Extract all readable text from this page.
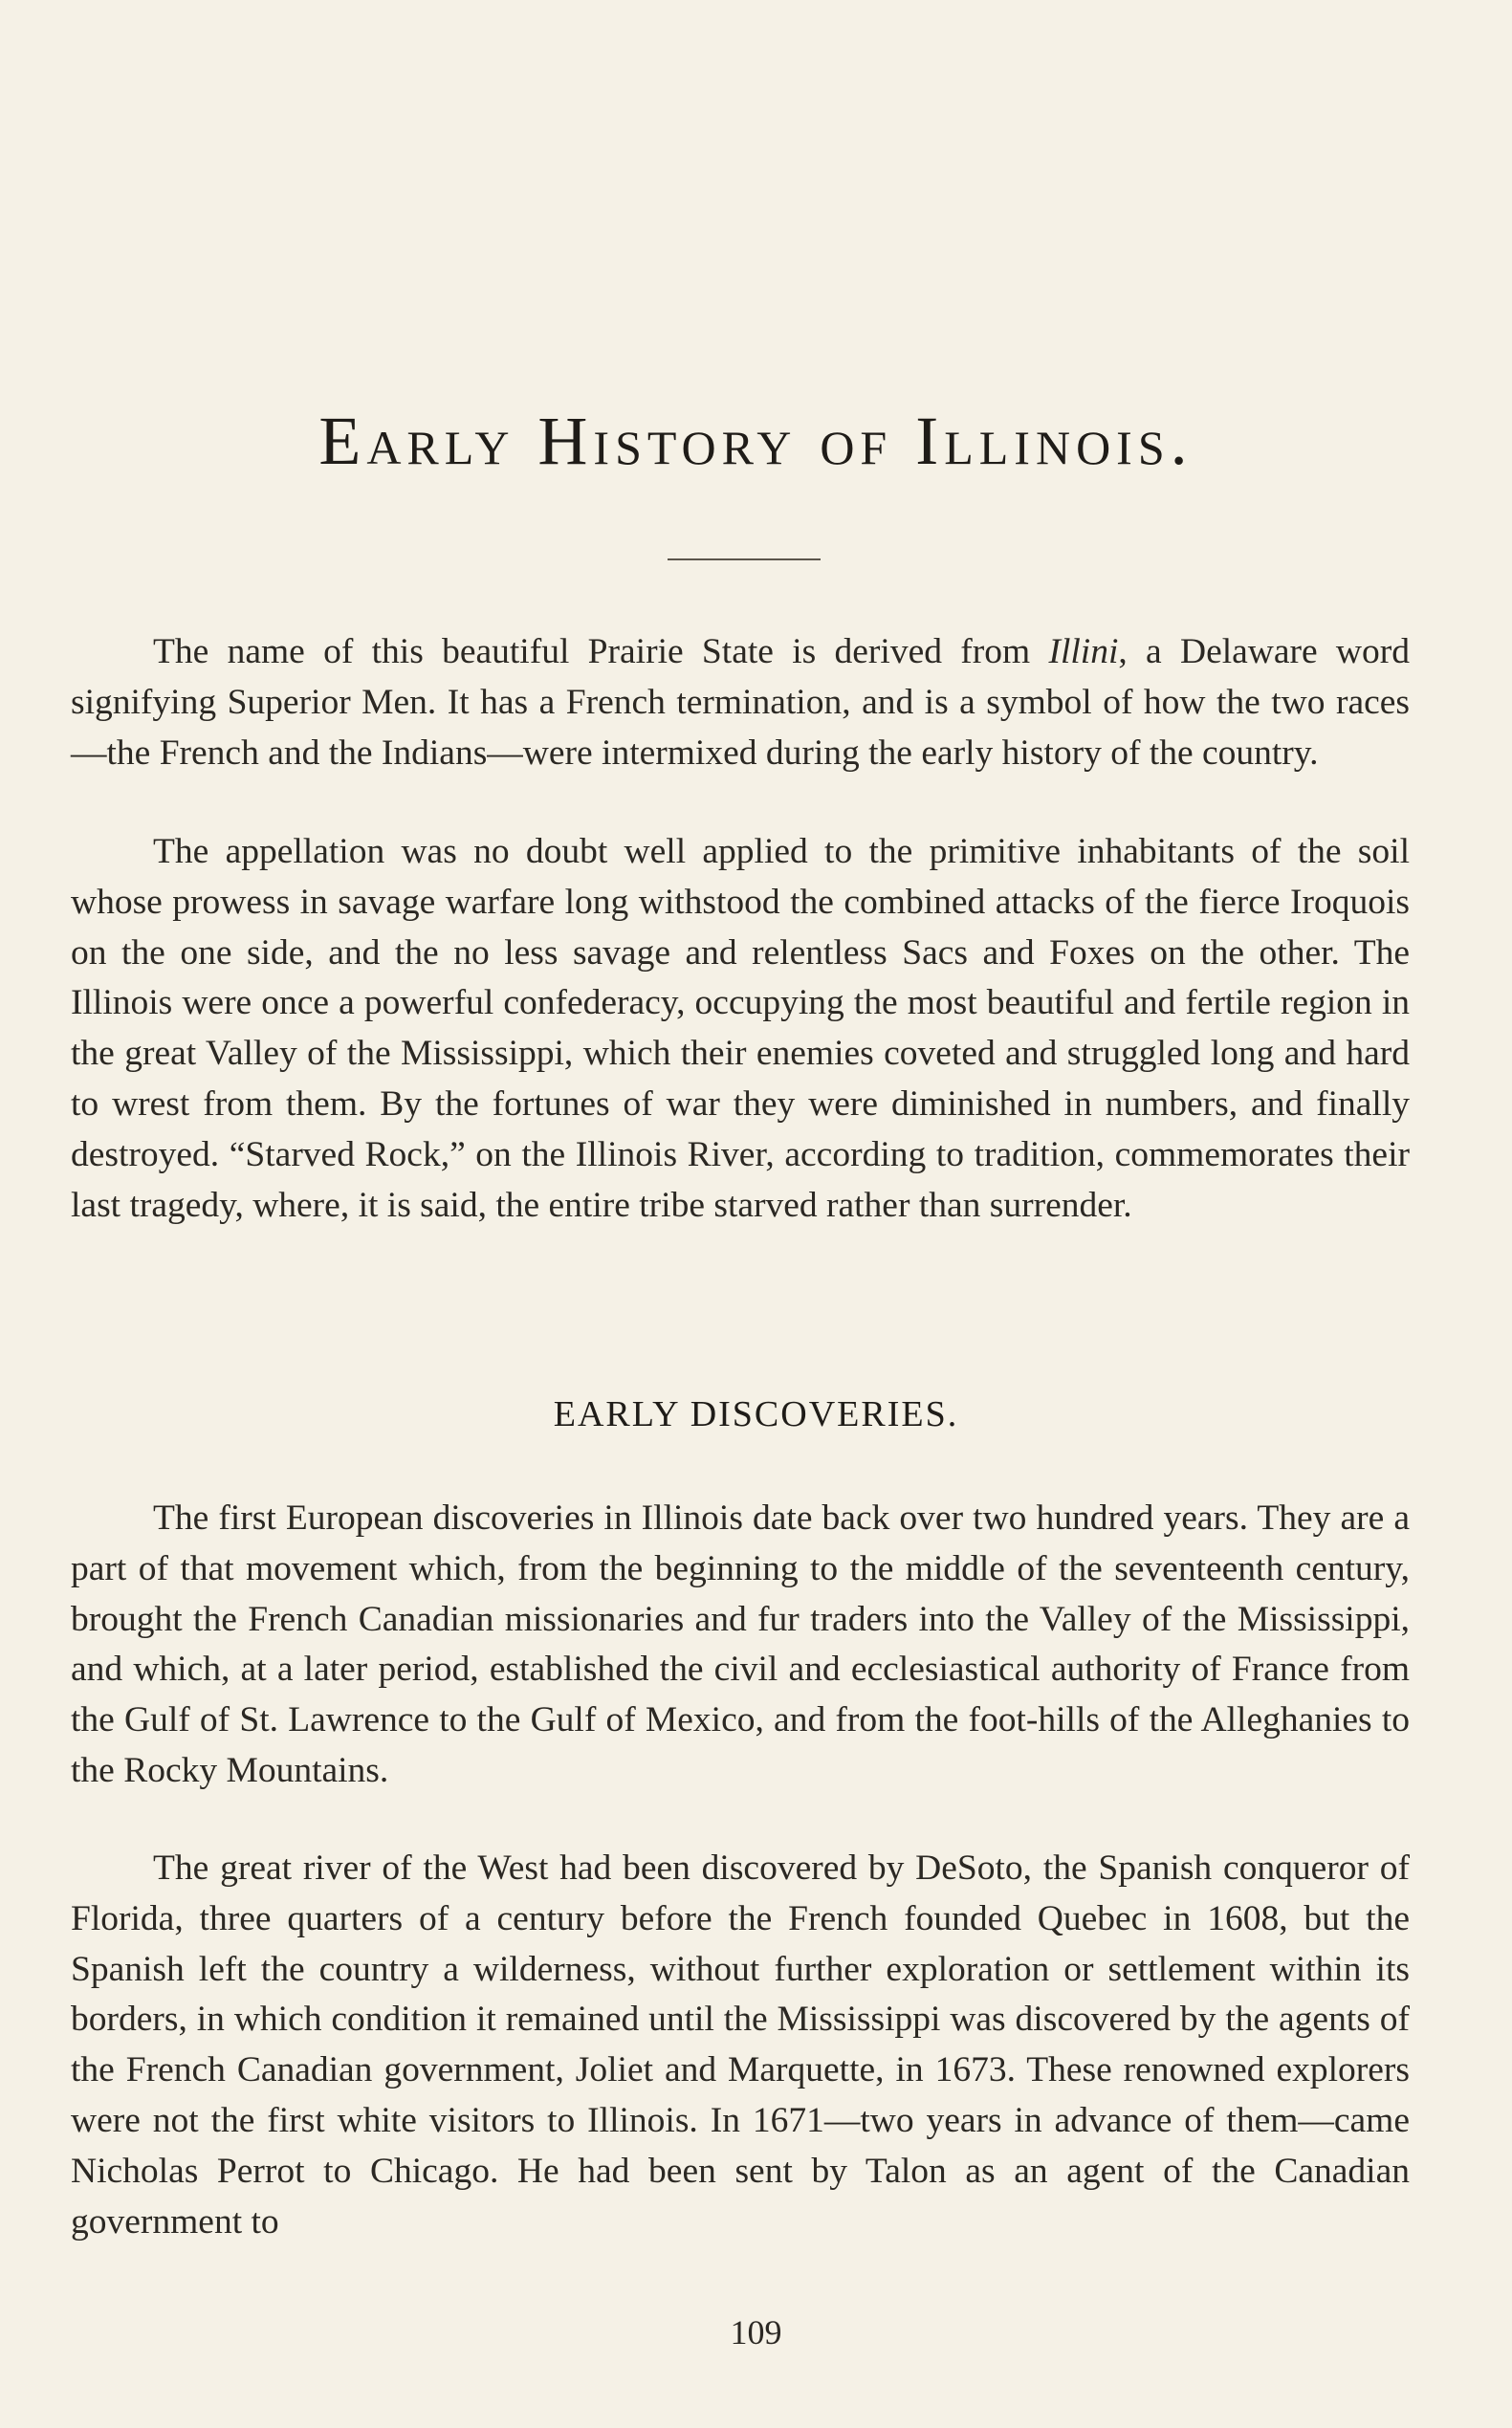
Early History of Illinois.

The name of this beautiful Prairie State is derived from Illini, a Delaware word signifying Superior Men. It has a French termination, and is a symbol of how the two races—the French and the Indians—were intermixed during the early history of the country.

The appellation was no doubt well applied to the primitive inhabitants of the soil whose prowess in savage warfare long withstood the combined attacks of the fierce Iroquois on the one side, and the no less savage and relentless Sacs and Foxes on the other. The Illinois were once a powerful confederacy, occupying the most beautiful and fertile region in the great Valley of the Mississippi, which their enemies coveted and struggled long and hard to wrest from them. By the fortunes of war they were diminished in numbers, and finally destroyed. “Starved Rock,” on the Illinois River, according to tradition, commemorates their last tragedy, where, it is said, the entire tribe starved rather than surrender.

EARLY DISCOVERIES.

The first European discoveries in Illinois date back over two hundred years. They are a part of that movement which, from the beginning to the middle of the seventeenth century, brought the French Canadian missionaries and fur traders into the Valley of the Mississippi, and which, at a later period, established the civil and ecclesiastical authority of France from the Gulf of St. Lawrence to the Gulf of Mexico, and from the foot-hills of the Alleghanies to the Rocky Mountains.

The great river of the West had been discovered by DeSoto, the Spanish conqueror of Florida, three quarters of a century before the French founded Quebec in 1608, but the Spanish left the country a wilderness, without further exploration or settlement within its borders, in which condition it remained until the Mississippi was discovered by the agents of the French Canadian government, Joliet and Marquette, in 1673. These renowned explorers were not the first white visitors to Illinois. In 1671—two years in advance of them—came Nicholas Perrot to Chicago. He had been sent by Talon as an agent of the Canadian government to

109
